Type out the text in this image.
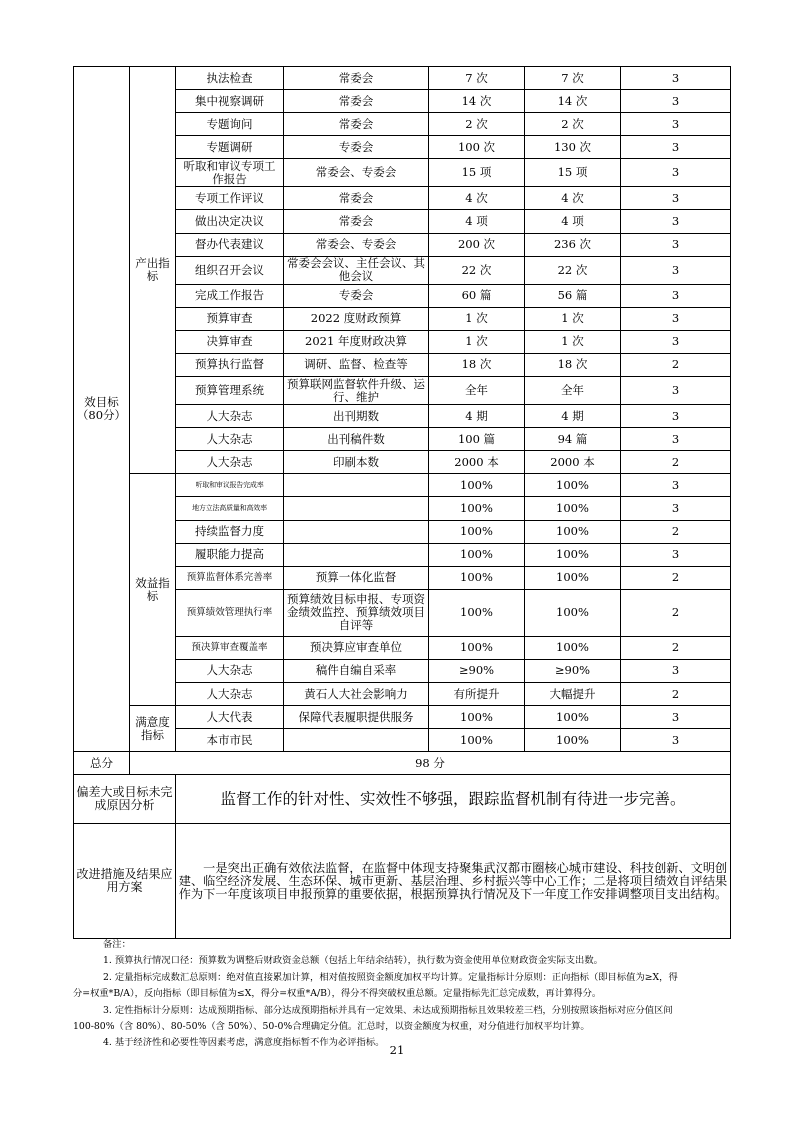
效目标（80分）	产出指标	执法检查	常委会	7 次	7 次	3
		集中视察调研	常委会	14 次	14 次	3
		专题询问	常委会	2 次	2 次	3
		专题调研	专委会	100 次	130 次	3
		听取和审议专项工作报告	常委会、专委会	15 项	15 项	3
		专项工作评议	常委会	4 次	4 次	3
		做出决定决议	常委会	4 项	4 项	3
		督办代表建议	常委会、专委会	200 次	236 次	3
		组织召开会议	常委会会议、主任会议、其他会议	22 次	22 次	3
		完成工作报告	专委会	60 篇	56 篇	3
		预算审查	2022 度财政预算	1 次	1 次	3
		决算审查	2021 年度财政决算	1 次	1 次	3
		预算执行监督	调研、监督、检查等	18 次	18 次	2
		预算管理系统	预算联网监督软件升级、运行、维护	全年	全年	3
		人大杂志	出刊期数	4 期	4 期	3
		人大杂志	出刊稿件数	100 篇	94 篇	3
		人大杂志	印刷本数	2000 本	2000 本	2
	效益指标	听取和审议报告完成率		100%	100%	3
		地方立法高质量和高效率		100%	100%	3
		持续监督力度		100%	100%	2
		履职能力提高		100%	100%	3
		预算监督体系完善率	预算一体化监督	100%	100%	2
		预算绩效管理执行率	预算绩效目标申报、专项资金绩效监控、预算绩效项目自评等	100%	100%	2
		预决算审查覆盖率	预决算应审查单位	100%	100%	2
		人大杂志	稿件自编自采率	≥90%	≥90%	3
		人大杂志	黄石人大社会影响力	有所提升	大幅提升	2
	满意度指标	人大代表	保障代表履职提供服务	100%	100%	3
		本市市民		100%	100%	3
总分	98 分					
偏差大或目标未完成原因分析		监督工作的针对性、实效性不够强，跟踪监督机制有待进一步完善。				
改进措施及结果应用方案		一是突出正确有效依法监督，在监督中体现支持聚集武汉都市圈核心城市建设、科技创新、文明创建、临空经济发展、生态环保、城市更新、基层治理、乡村振兴等中心工作；二是将项目绩效自评结果作为下一年度该项目申报预算的重要依据，根据预算执行情况及下一年度工作安排调整项目支出结构。				

备注：

1. 预算执行情况口径：预算数为调整后财政资金总额（包括上年结余结转），执行数为资金使用单位财政资金实际支出数。

2. 定量指标完成数汇总原则：绝对值直接累加计算，相对值按照资金额度加权平均计算。定量指标计分原则：正向指标（即目标值为≥X，得

分=权重*B/A），反向指标（即目标值为≤X，得分=权重*A/B），得分不得突破权重总额。定量指标先汇总完成数，再计算得分。

3. 定性指标计分原则：达成预期指标、部分达成预期指标并具有一定效果、未达成预期指标且效果较差三档，分别按照该指标对应分值区间

100-80%（含 80%）、80-50%（含 50%）、50-0%合理确定分值。汇总时，以资金额度为权重，对分值进行加权平均计算。

4. 基于经济性和必要性等因素考虑，满意度指标暂不作为必评指标。

21
